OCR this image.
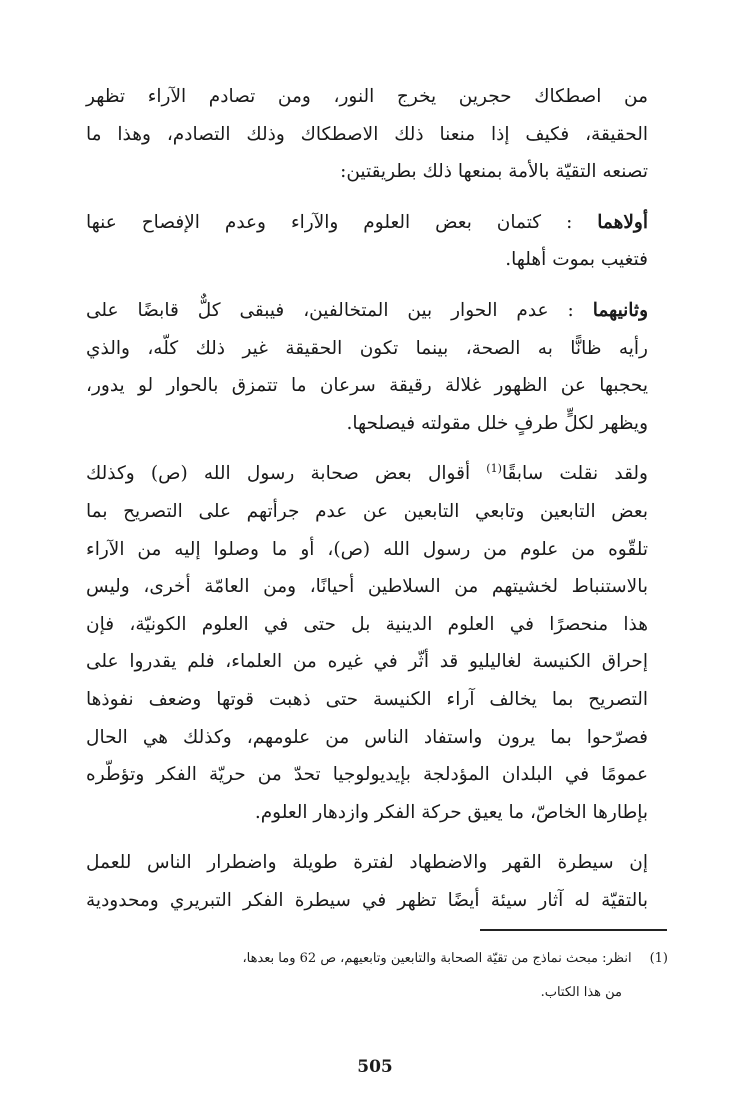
من اصطكاك حجرين يخرج النور، ومن تصادم الآراء تظهر
الحقيقة، فكيف إذا منعنا ذلك الاصطكاك وذلك التصادم، وهذا ما
تصنعه التقيّة بالأمة بمنعها ذلك بطريقتين:

أولاهما : كتمان بعض العلوم والآراء وعدم الإفصاح عنها
فتغيب بموت أهلها.

وثانيهما : عدم الحوار بين المتخالفين، فيبقى كلٌّ قابضًا على
رأيه ظانًّا به الصحة، بينما تكون الحقيقة غير ذلك كلّه، والذي
يحجبها عن الظهور غلالة رقيقة سرعان ما تتمزق بالحوار لو يدور،
ويظهر لكلٍّ طرفٍ خلل مقولته فيصلحها.

ولقد نقلت سابقًا$^{(1)}$ أقوال بعض صحابة رسول الله (ص) وكذلك
بعض التابعين وتابعي التابعين عن عدم جرأتهم على التصريح بما
تلقّوه من علوم من رسول الله (ص)، أو ما وصلوا إليه من الآراء
بالاستنباط لخشيتهم من السلاطين أحيانًا، ومن العامّة أخرى، وليس
هذا منحصرًا في العلوم الدينية بل حتى في العلوم الكونيّة، فإن
إحراق الكنيسة لغاليليو قد أثّر في غيره من العلماء، فلم يقدروا على
التصريح بما يخالف آراء الكنيسة حتى ذهبت قوتها وضعف نفوذها
فصرّحوا بما يرون واستفاد الناس من علومهم، وكذلك هي الحال
عمومًا في البلدان المؤدلجة بإيديولوجيا تحدّ من حريّة الفكر وتؤطّره
بإطارها الخاصّ، ما يعيق حركة الفكر وازدهار العلوم.

إن سيطرة القهر والاضطهاد لفترة طويلة واضطرار الناس للعمل
بالتقيّة له آثار سيئة أيضًا تظهر في سيطرة الفكر التبريري ومحدودية

(1)انظر: مبحث نماذج من تقيّة الصحابة والتابعين وتابعيهم، ص 62 وما بعدها،
من هذا الكتاب.
505
